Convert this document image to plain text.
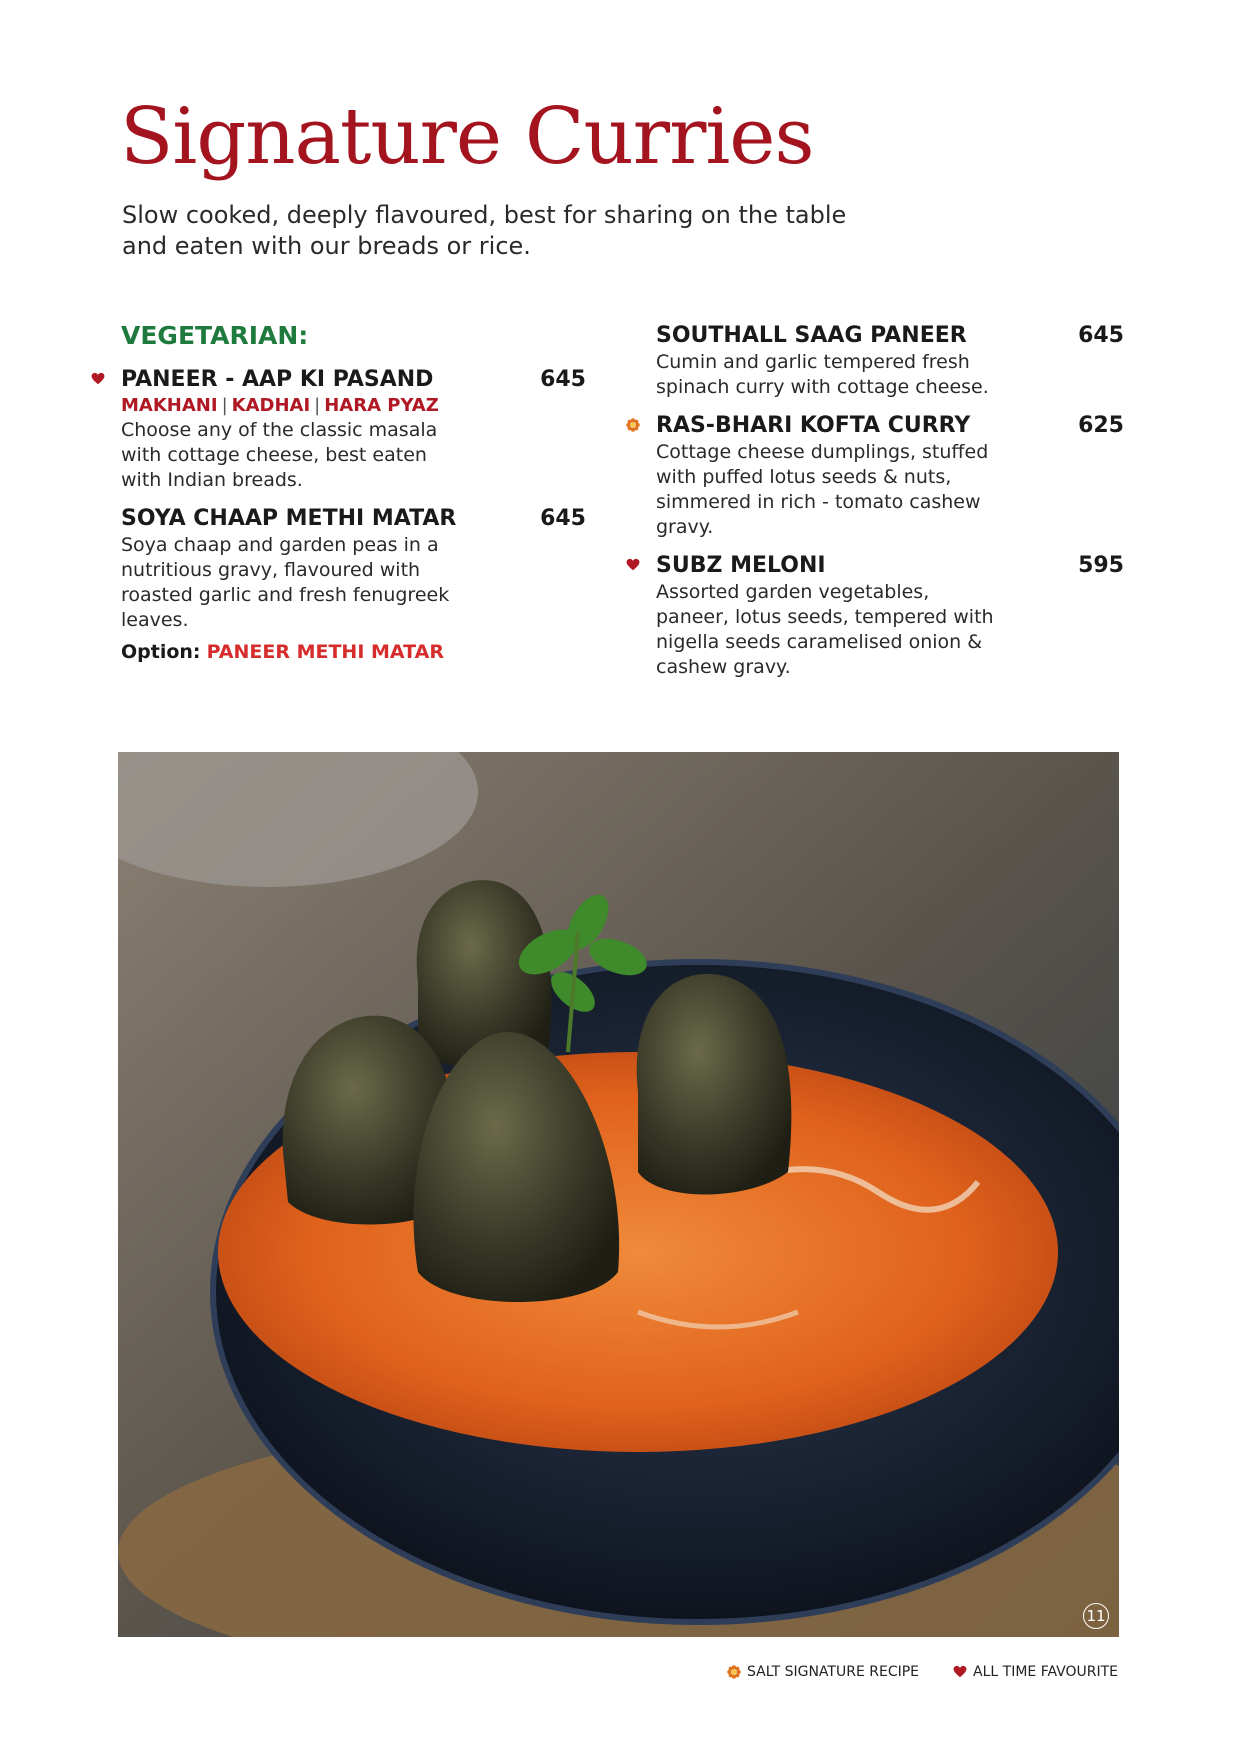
Signature Curries
Slow cooked, deeply flavoured, best for sharing on the table and eaten with our breads or rice.
VEGETARIAN:
PANEER - AAP KI PASAND	645
MAKHANI | KADHAI | HARA PYAZ
Choose any of the classic masala with cottage cheese, best eaten with Indian breads.
SOYA CHAAP METHI MATAR	645
Soya chaap and garden peas in a nutritious gravy, flavoured with roasted garlic and fresh fenugreek leaves.
Option: PANEER METHI MATAR
SOUTHALL SAAG PANEER	645
Cumin and garlic tempered fresh spinach curry with cottage cheese.
RAS-BHARI KOFTA CURRY	625
Cottage cheese dumplings, stuffed with puffed lotus seeds & nuts, simmered in rich - tomato cashew gravy.
SUBZ MELONI	595
Assorted garden vegetables, paneer, lotus seeds, tempered with nigella seeds caramelised onion & cashew gravy.
11
SALT SIGNATURE RECIPE	ALL TIME FAVOURITE
